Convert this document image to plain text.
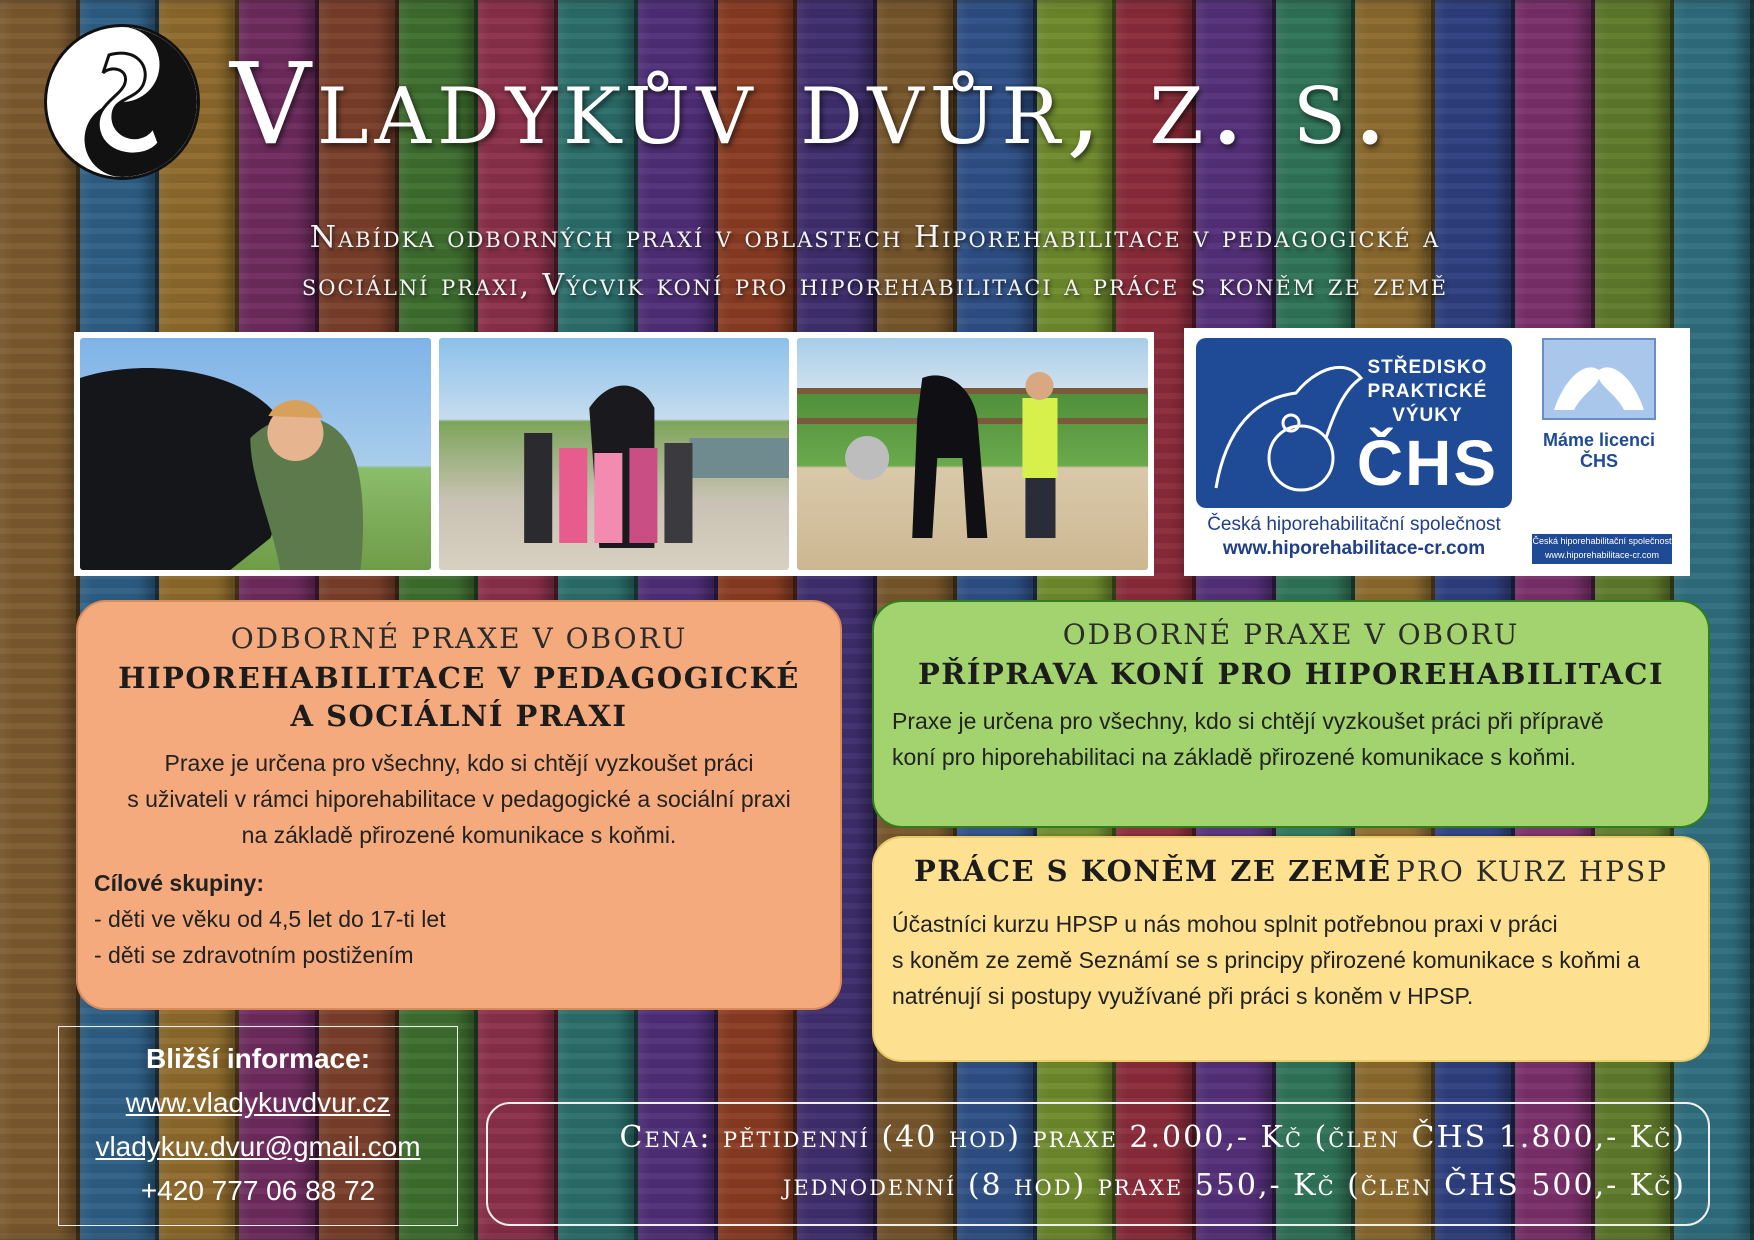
Vladykův dvůr, z. s.
Nabídka odborných praxí v oblastech Hiporehabilitace v pedagogické a
sociální praxi, Výcvik koní pro hiporehabilitaci a práce s koněm ze země
STŘEDISKO
PRAKTICKÉ
VÝUKY
ČHS
Česká hiporehabilitační společnost
www.hiporehabilitace-cr.com
Máme licenci ČHS
Česká hiporehabilitační společnost
www.hiporehabilitace-cr.com
ODBORNÉ PRAXE V OBORU
HIPOREHABILITACE V PEDAGOGICKÉ
A SOCIÁLNÍ PRAXI
Praxe je určena pro všechny, kdo si chtějí vyzkoušet práci
s uživateli v rámci hiporehabilitace v pedagogické a sociální praxi
na základě přirozené komunikace s koňmi.
Cílové skupiny:
- děti ve věku od 4,5 let do 17-ti let
- děti se zdravotním postižením
ODBORNÉ PRAXE V OBORU
PŘÍPRAVA KONÍ PRO HIPOREHABILITACI
Praxe je určena pro všechny, kdo si chtějí vyzkoušet práci při přípravě
koní pro hiporehabilitaci na základě přirozené komunikace s koňmi.
PRÁCE S KONĚM ZE ZEMĚ PRO KURZ HPSP
Účastníci kurzu HPSP u nás mohou splnit potřebnou praxi v práci
s koněm ze země Seznámí se s principy přirozené komunikace s koňmi a
natrénují si postupy využívané při práci s koněm v HPSP.
Bližší informace:
www.vladykuvdvur.cz
vladykuv.dvur@gmail.com
+420 777 06 88 72
Cena: pětidenní (40 hod) praxe 2.000,- Kč (člen ČHS 1.800,- Kč)
jednodenní (8 hod) praxe 550,- Kč (člen ČHS 500,- Kč)
